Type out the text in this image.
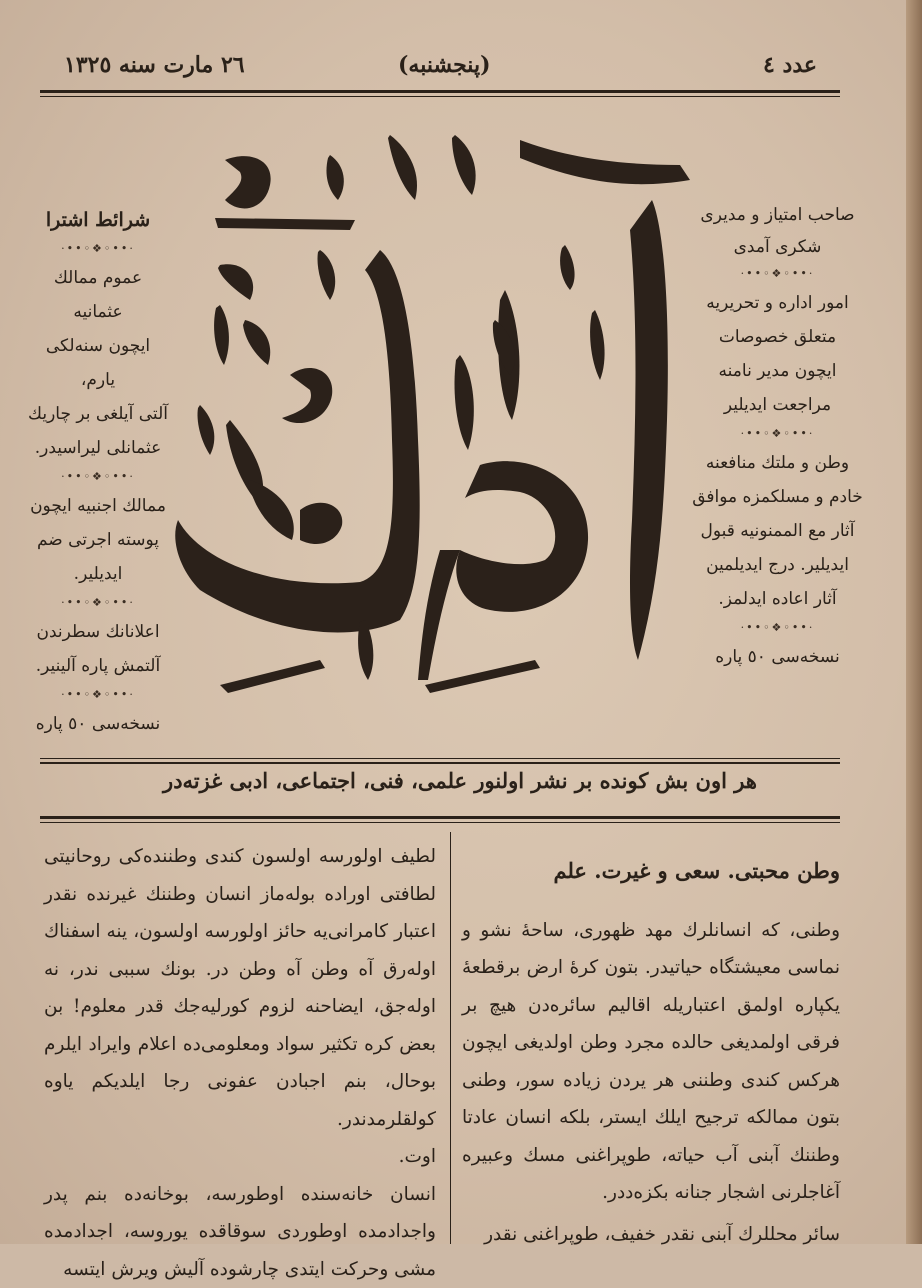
عدد ٤
(پنجشنبه)
٢٦ مارت سنه ١٣٢٥
صاحب امتیاز و مدیری
شکری آمدی
·••◦❖◦••·
امور اداره و تحریریه
متعلق خصوصات
ایچون مدیر نامنه
مراجعت ایدیلیر
·••◦❖◦••·
وطن و ملتك منافعنه
خادم و مسلکمزه موافق
آثار مع الممنونیه قبول
ایدیلیر. درج ایدیلمین
آثار اعاده ایدلمز.
·••◦❖◦••·
نسخه‌سی ٥٠ پاره
شرائط اشترا
·••◦❖◦••·
عموم ممالك عثمانیه
ایچون سنه‌لکی یارم،
آلتی آیلغی بر چاریك
عثمانلی لیراسیدر.
·••◦❖◦••·
ممالك اجنبیه ایچون
پوسته اجرتی ضم
ایدیلیر.
·••◦❖◦••·
اعلانانك سطرندن
آلتمش پاره آلینیر.
·••◦❖◦••·
نسخه‌سی ٥٠ پاره
هر اون بش کونده بر نشر اولنور علمی، فنی، اجتماعی، ادبی غزته‌در
وطن محبتی. سعی و غیرت. علم

وطنی، که انسانلرك مهد ظهوری، ساحهٔ نشو و نماسی معیشتگاه حیاتیدر. بتون کرهٔ ارض برقطعهٔ یکپاره اولمق اعتباریله اقالیم سائره‌دن هیچ بر فرقی اولمدیغی حالده مجرد وطن اولدیغی ایچون هرکس کندی وطننی هر یردن زیاده سور، وطنی بتون ممالکه ترجیح ایلك ایستر، بلکه انسان عادتا وطننك آبنی آب حیاته، طوپراغنی مسك وعبیره آغاجلرنی اشجار جنانه بکزه‌ددر.

سائر محللرك آبنی نقدر خفیف، طوپراغنی نقدر

لطیف اولورسه اولسون کندی وطننده‌کی روحانیتی لطافتی اوراده بوله‌ماز انسان وطننك غیرنده نقدر اعتبار کامرانی‌یه حائز اولورسه اولسون، ینه اسفناك اوله‌رق آه وطن آه وطن در. بونك سببی ندر، نه اوله‌جق، ایضاحنه لزوم کورلیه‌جك قدر معلوم! بن بعض کره تکثیر سواد ومعلومی‌ده اعلام وایراد ایلرم بوحال، بنم اجبادن عفونی رجا ایلدیکم یاوه کولقلرمدندر.

اوت.

انسان خانه‌سنده اوطورسه، بوخانه‌ده بنم پدر واجدادمده اوطوردی سوقاقده یوروسه، اجدادمده مشی وحرکت ایتدی چارشوده آلیش ویرش ایتسه
